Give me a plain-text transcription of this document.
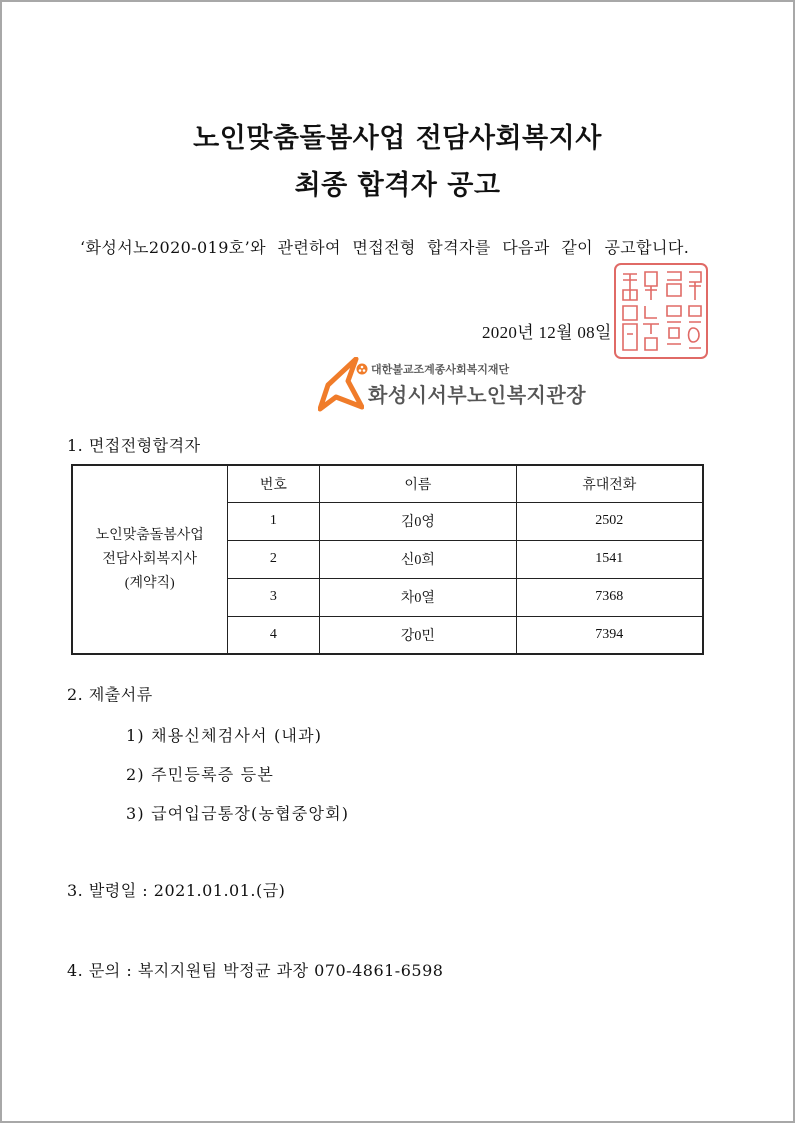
노인맞춤돌봄사업 전담사회복지사
최종 합격자 공고
‘화성서노2020-019호’와 관련하여 면접전형 합격자를 다음과 같이 공고합니다.
2020년 12월 08일
대한불교조계종사회복지재단
화성시서부노인복지관장
1. 면접전형합격자
노인맞춤돌봄사업
전담사회복지사
(계약직)	번호	이름	휴대전화
	1	김0영	2502
	2	신0희	1541
	3	차0열	7368
	4	강0민	7394
2. 제출서류
1) 채용신체검사서 (내과)
2) 주민등록증 등본
3) 급여입금통장(농협중앙회)
3. 발령일 : 2021.01.01.(금)
4. 문의 : 복지지원팀 박정균 과장 070-4861-6598
